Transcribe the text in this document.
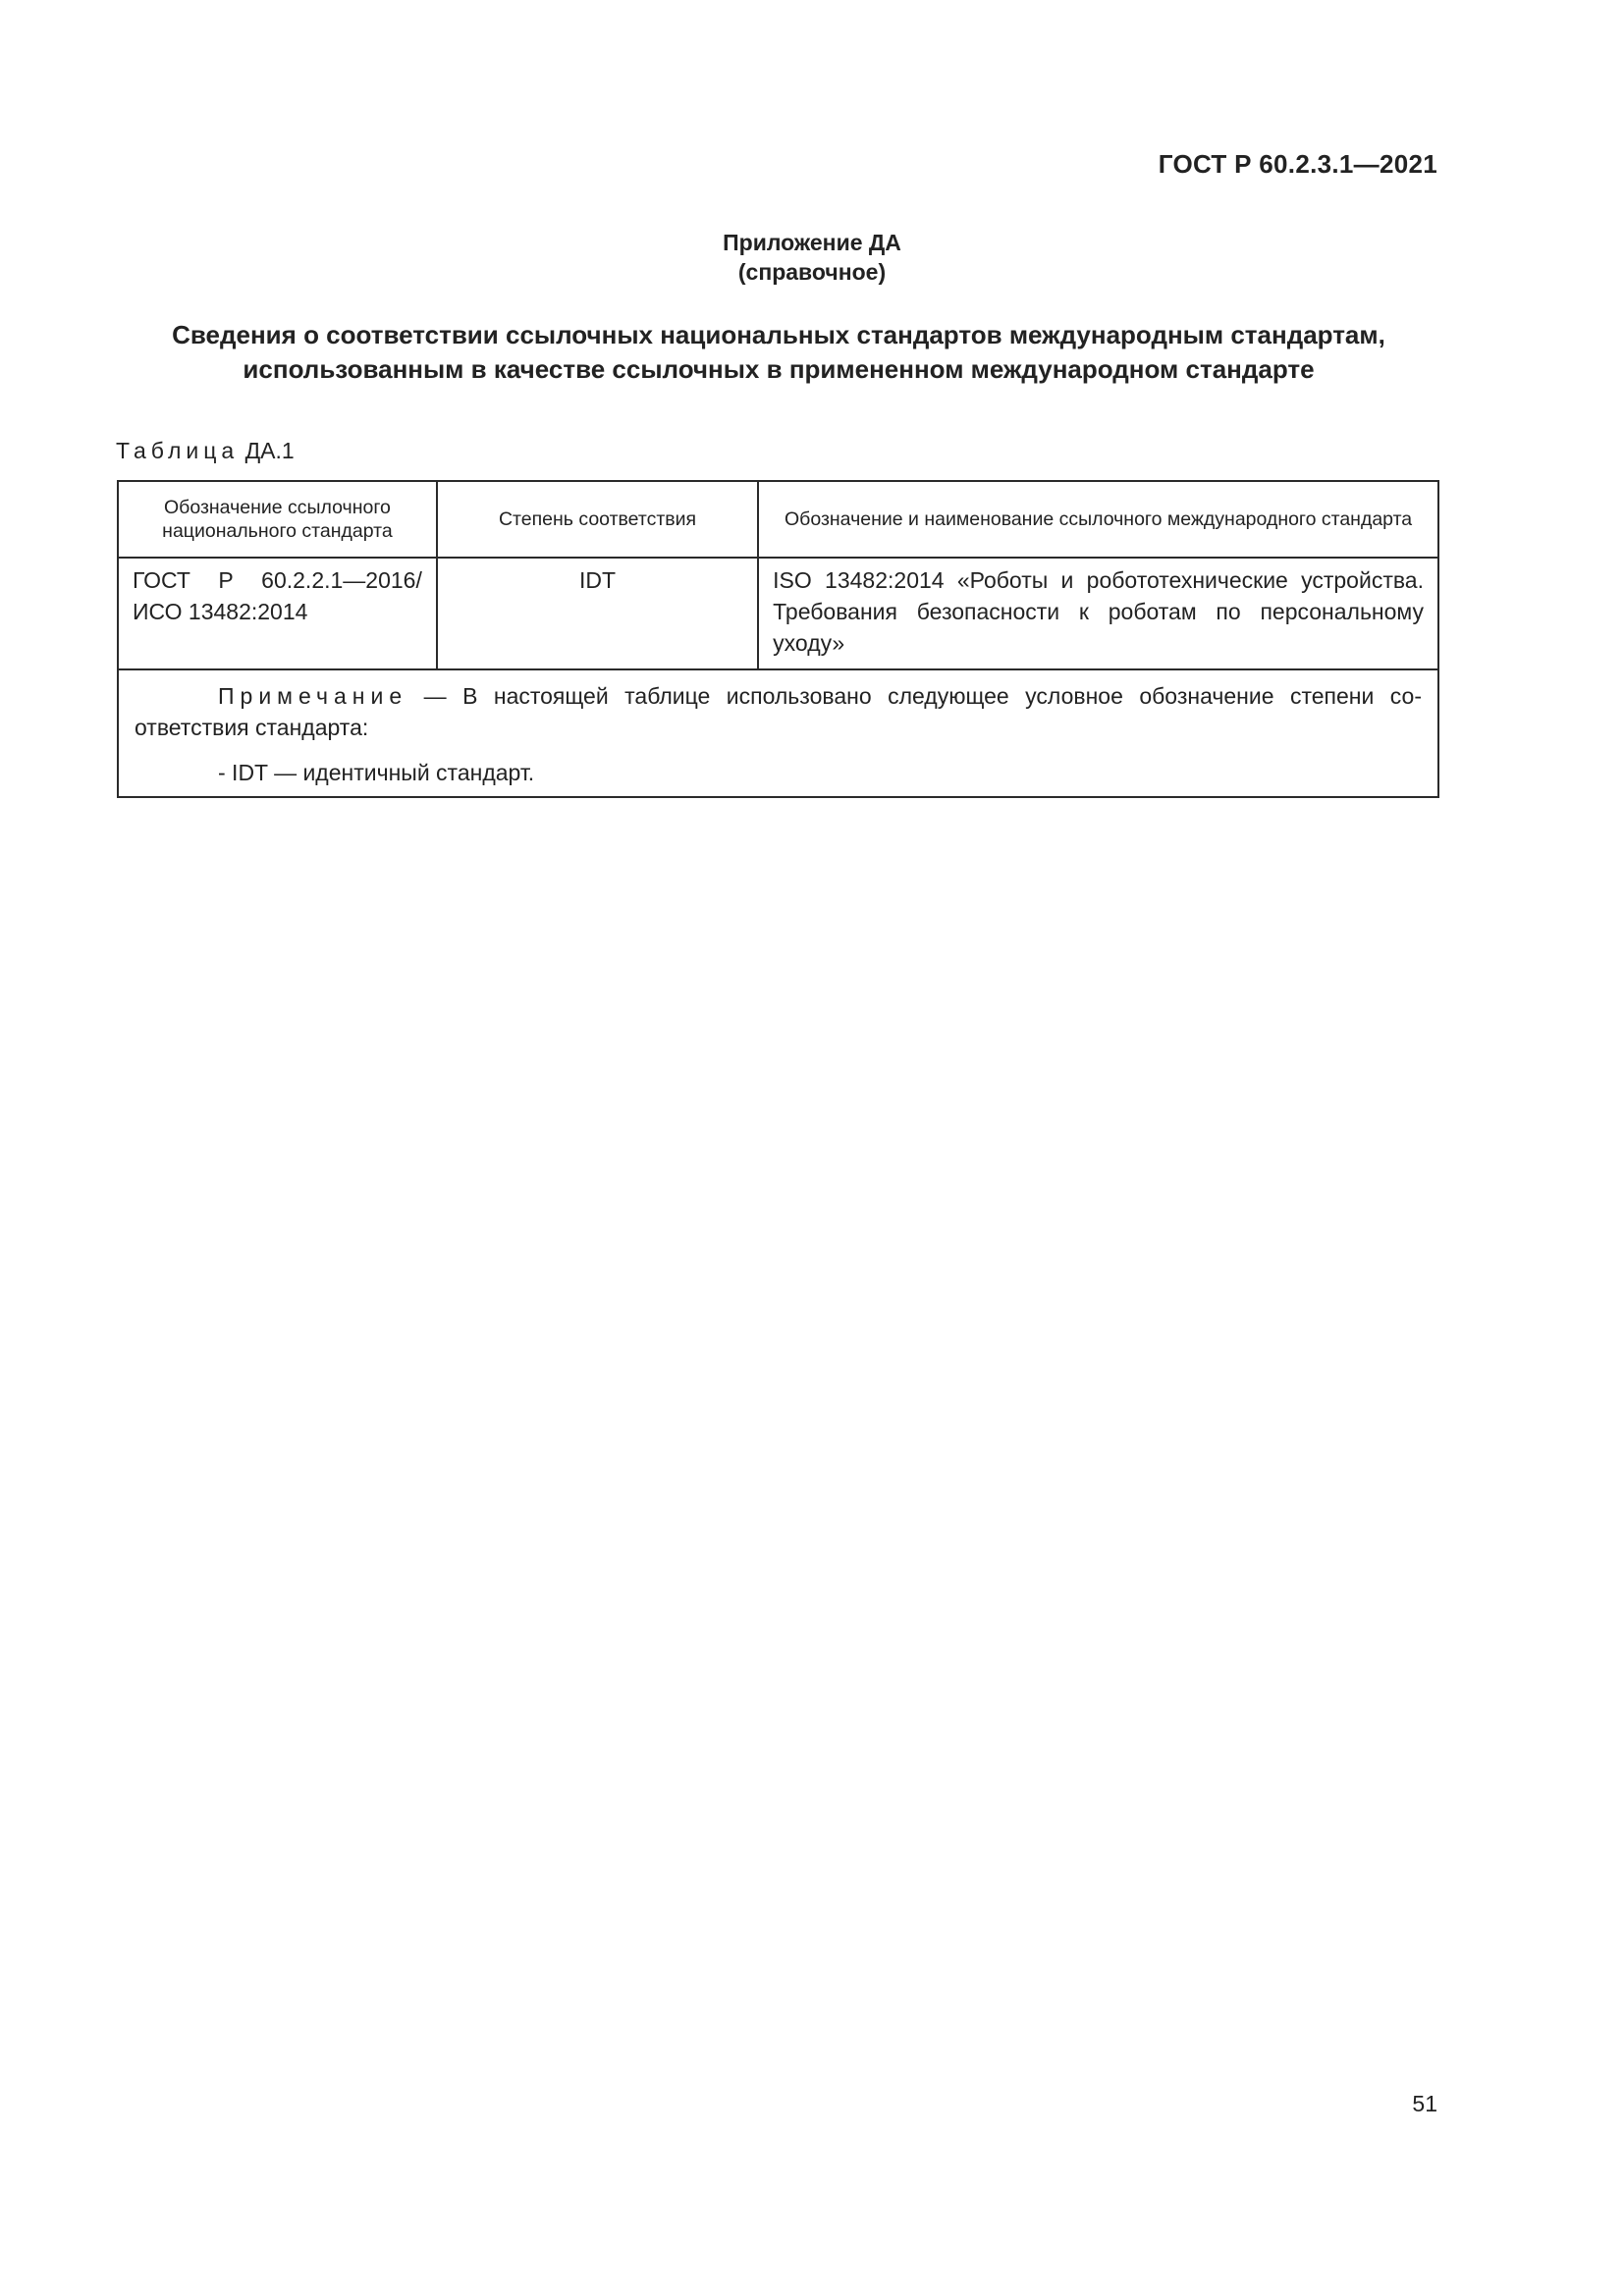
ГОСТ Р 60.2.3.1—2021
Приложение ДА
(справочное)
Сведения о соответствии ссылочных национальных стандартов международным стандартам,
использованным в качестве ссылочных в примененном международном стандарте
Таблица ДА.1
Обозначение ссылочного национального стандарта	Степень соответствия	Обозначение и наименование ссылочного международного стандарта
ГОСТ Р 60.2.2.1—2016/ ИСО 13482:2014	IDT	ISO 13482:2014 «Роботы и робототехнические устройства. Требования безопасности к роботам по персональному уходу»

Примечание — В настоящей таблице использовано следующее условное обозначение степени соответствия стандарта:
- IDT — идентичный стандарт.		
51
